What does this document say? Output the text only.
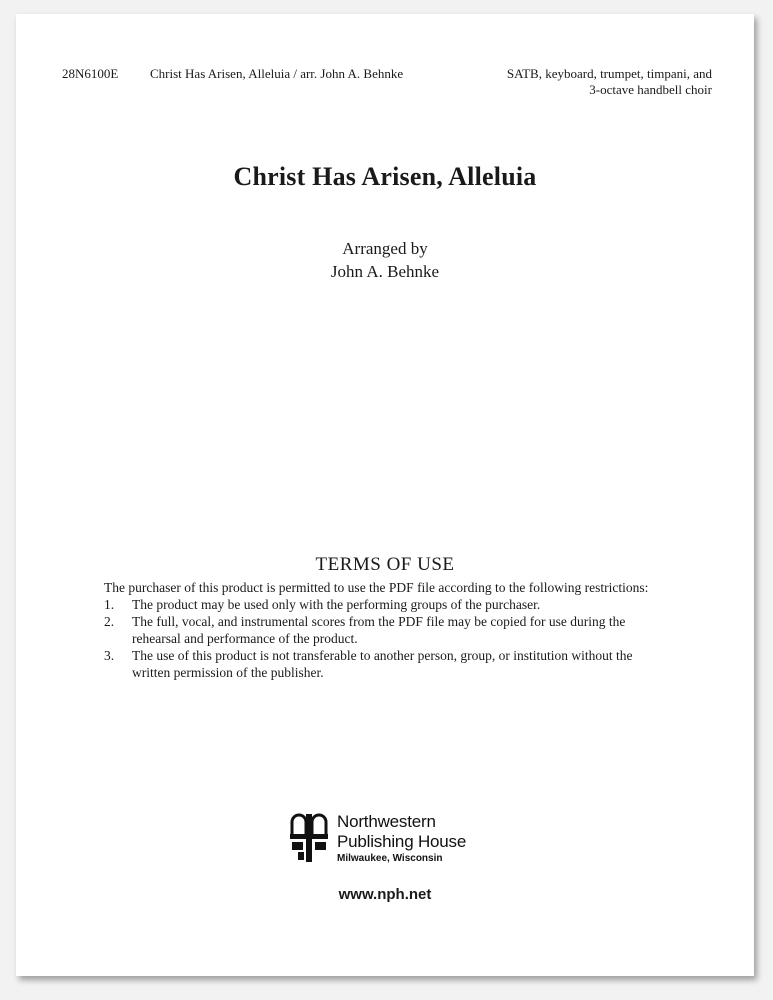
28N6100E Christ Has Arisen, Alleluia / arr. John A. Behnke	SATB, keyboard, trumpet, timpani, and
3-octave handbell choir
Christ Has Arisen, Alleluia
Arranged by
John A. Behnke
TERMS OF USE

The purchaser of this product is permitted to use the PDF file according to the following restrictions:

1. The product may be used only with the performing groups of the purchaser.
2. The full, vocal, and instrumental scores from the PDF file may be copied for use during the rehearsal and performance of the product.
3. The use of this product is not transferable to another person, group, or institution without the written permission of the publisher.
Northwestern
Publishing House
Milwaukee, Wisconsin
www.nph.net
